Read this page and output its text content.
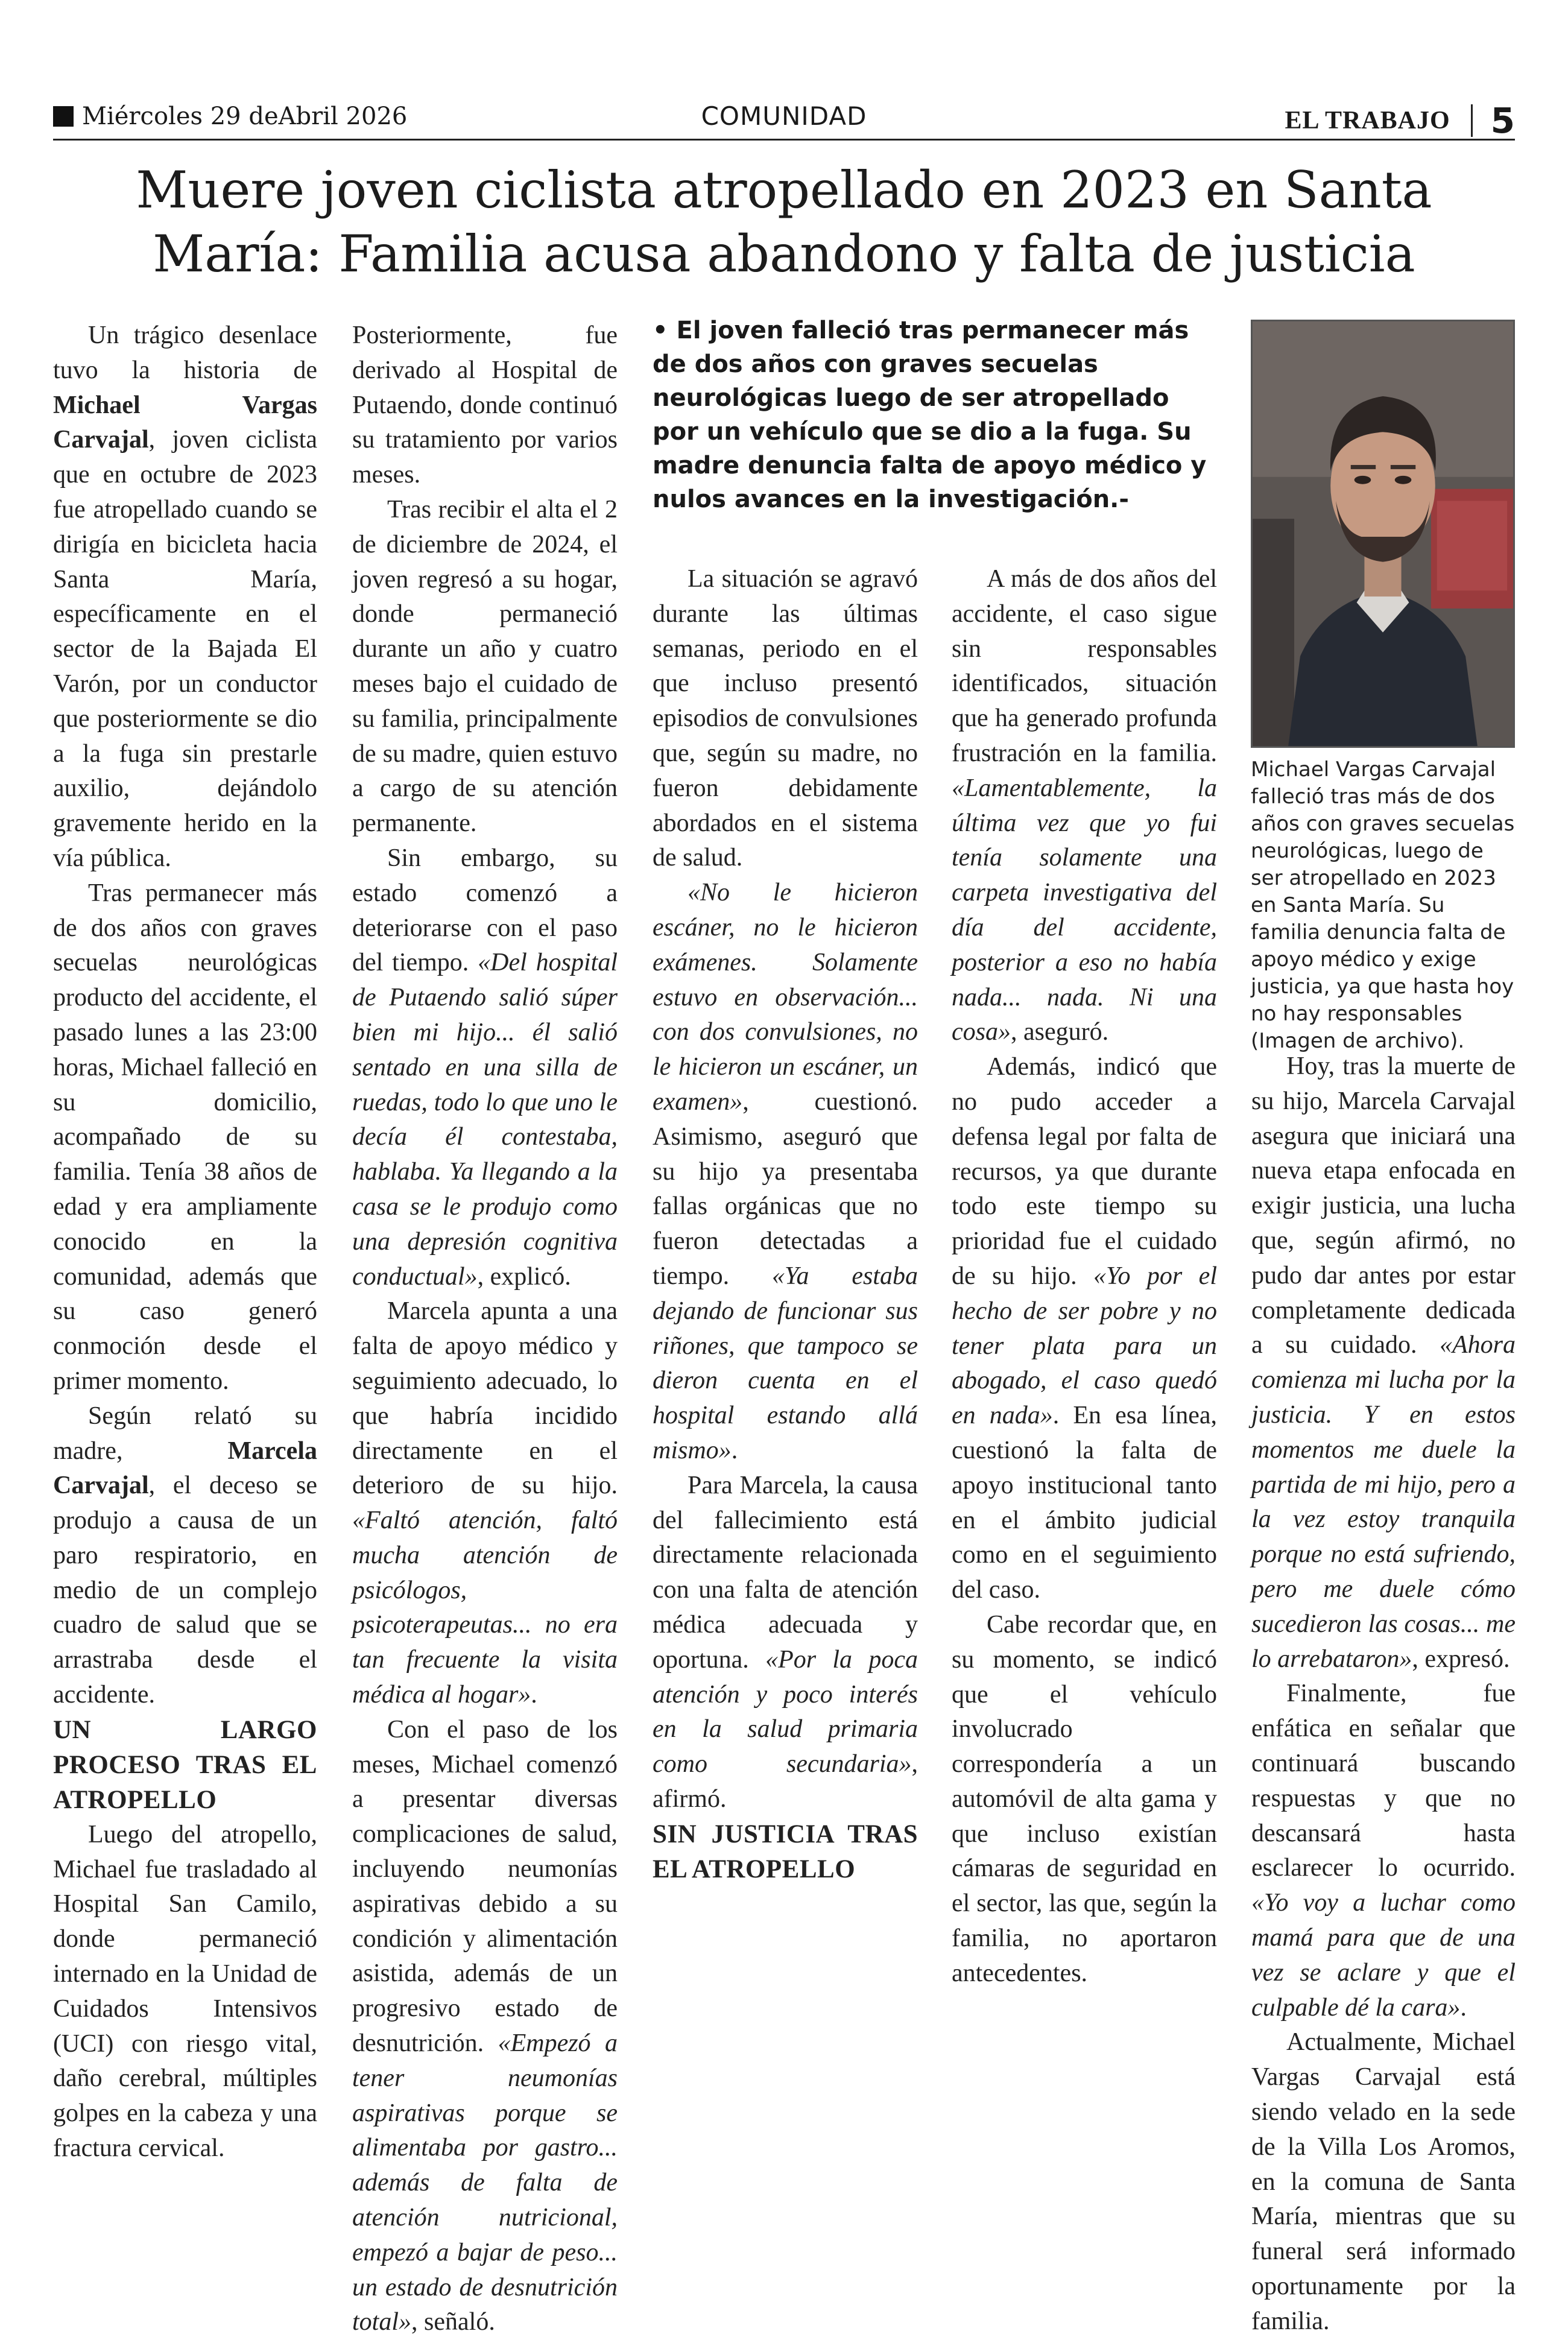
Miércoles 29 deAbril 2026	COMUNIDAD	EL TRABAJO 5
Muere joven ciclista atropellado en 2023 en Santa María: Familia acusa abandono y falta de justicia

Un trágico desenlace tuvo la historia de Michael Vargas Carvajal, joven ciclista que en octubre de 2023 fue atropellado cuando se dirigía en bicicleta hacia Santa María, específicamente en el sector de la Bajada El Varón, por un conductor que posteriormente se dio a la fuga sin prestarle auxilio, dejándolo gravemente herido en la vía pública.

Tras permanecer más de dos años con graves secuelas neurológicas producto del accidente, el pasado lunes a las 23:00 horas, Michael falleció en su domicilio, acompañado de su familia. Tenía 38 años de edad y era ampliamente conocido en la comunidad, además que su caso generó conmoción desde el primer momento.

Según relató su madre, Marcela Carvajal, el deceso se produjo a causa de un paro respiratorio, en medio de un complejo cuadro de salud que se arrastraba desde el accidente.

UN LARGO PROCESO TRAS EL ATROPELLO

Luego del atropello, Michael fue trasladado al Hospital San Camilo, donde permaneció internado en la Unidad de Cuidados Intensivos (UCI) con riesgo vital, daño cerebral, múltiples golpes en la cabeza y una fractura cervical.

Posteriormente, fue derivado al Hospital de Putaendo, donde continuó su tratamiento por varios meses.

Tras recibir el alta el 2 de diciembre de 2024, el joven regresó a su hogar, donde permaneció durante un año y cuatro meses bajo el cuidado de su familia, principalmente de su madre, quien estuvo a cargo de su atención permanente.

Sin embargo, su estado comenzó a deteriorarse con el paso del tiempo. «Del hospital de Putaendo salió súper bien mi hijo... él salió sentado en una silla de ruedas, todo lo que uno le decía él contestaba, hablaba. Ya llegando a la casa se le produjo como una depresión cognitiva conductual», explicó.

Marcela apunta a una falta de apoyo médico y seguimiento adecuado, lo que habría incidido directamente en el deterioro de su hijo. «Faltó atención, faltó mucha atención de psicólogos, psicoterapeutas... no era tan frecuente la visita médica al hogar».

Con el paso de los meses, Michael comenzó a presentar diversas complicaciones de salud, incluyendo neumonías aspirativas debido a su condición y alimentación asistida, además de un progresivo estado de desnutrición. «Empezó a tener neumonías aspirativas porque se alimentaba por gastro... además de falta de atención nutricional, empezó a bajar de peso... un estado de desnutrición total», señaló.

• El joven falleció tras permanecer más de dos años con graves secuelas neurológicas luego de ser atropellado por un vehículo que se dio a la fuga. Su madre denuncia falta de apoyo médico y nulos avances en la investigación.-

La situación se agravó durante las últimas semanas, periodo en el que incluso presentó episodios de convulsiones que, según su madre, no fueron debidamente abordados en el sistema de salud.

«No le hicieron escáner, no le hicieron exámenes. Solamente estuvo en observación... con dos convulsiones, no le hicieron un escáner, un examen», cuestionó. Asimismo, aseguró que su hijo ya presentaba fallas orgánicas que no fueron detectadas a tiempo. «Ya estaba dejando de funcionar sus riñones, que tampoco se dieron cuenta en el hospital estando allá mismo».

Para Marcela, la causa del fallecimiento está directamente relacionada con una falta de atención médica adecuada y oportuna. «Por la poca atención y poco interés en la salud primaria como secundaria», afirmó.

SIN JUSTICIA TRAS EL ATROPELLO

A más de dos años del accidente, el caso sigue sin responsables identificados, situación que ha generado profunda frustración en la familia. «Lamentablemente, la última vez que yo fui tenía solamente una carpeta investigativa del día del accidente, posterior a eso no había nada... nada. Ni una cosa», aseguró.

Además, indicó que no pudo acceder a defensa legal por falta de recursos, ya que durante todo este tiempo su prioridad fue el cuidado de su hijo. «Yo por el hecho de ser pobre y no tener plata para un abogado, el caso quedó en nada». En esa línea, cuestionó la falta de apoyo institucional tanto en el ámbito judicial como en el seguimiento del caso.

Cabe recordar que, en su momento, se indicó que el vehículo involucrado correspondería a un automóvil de alta gama y que incluso existían cámaras de seguridad en el sector, las que, según la familia, no aportaron antecedentes.

Michael Vargas Carvajal falleció tras más de dos años con graves secuelas neurológicas, luego de ser atropellado en 2023 en Santa María. Su familia denuncia falta de apoyo médico y exige justicia, ya que hasta hoy no hay responsables (Imagen de archivo).

Hoy, tras la muerte de su hijo, Marcela Carvajal asegura que iniciará una nueva etapa enfocada en exigir justicia, una lucha que, según afirmó, no pudo dar antes por estar completamente dedicada a su cuidado. «Ahora comienza mi lucha por la justicia. Y en estos momentos me duele la partida de mi hijo, pero a la vez estoy tranquila porque no está sufriendo, pero me duele cómo sucedieron las cosas... me lo arrebataron», expresó.

Finalmente, fue enfática en señalar que continuará buscando respuestas y que no descansará hasta esclarecer lo ocurrido. «Yo voy a luchar como mamá para que de una vez se aclare y que el culpable dé la cara».

Actualmente, Michael Vargas Carvajal está siendo velado en la sede de la Villa Los Aromos, en la comuna de Santa María, mientras que su funeral será informado oportunamente por la familia.
